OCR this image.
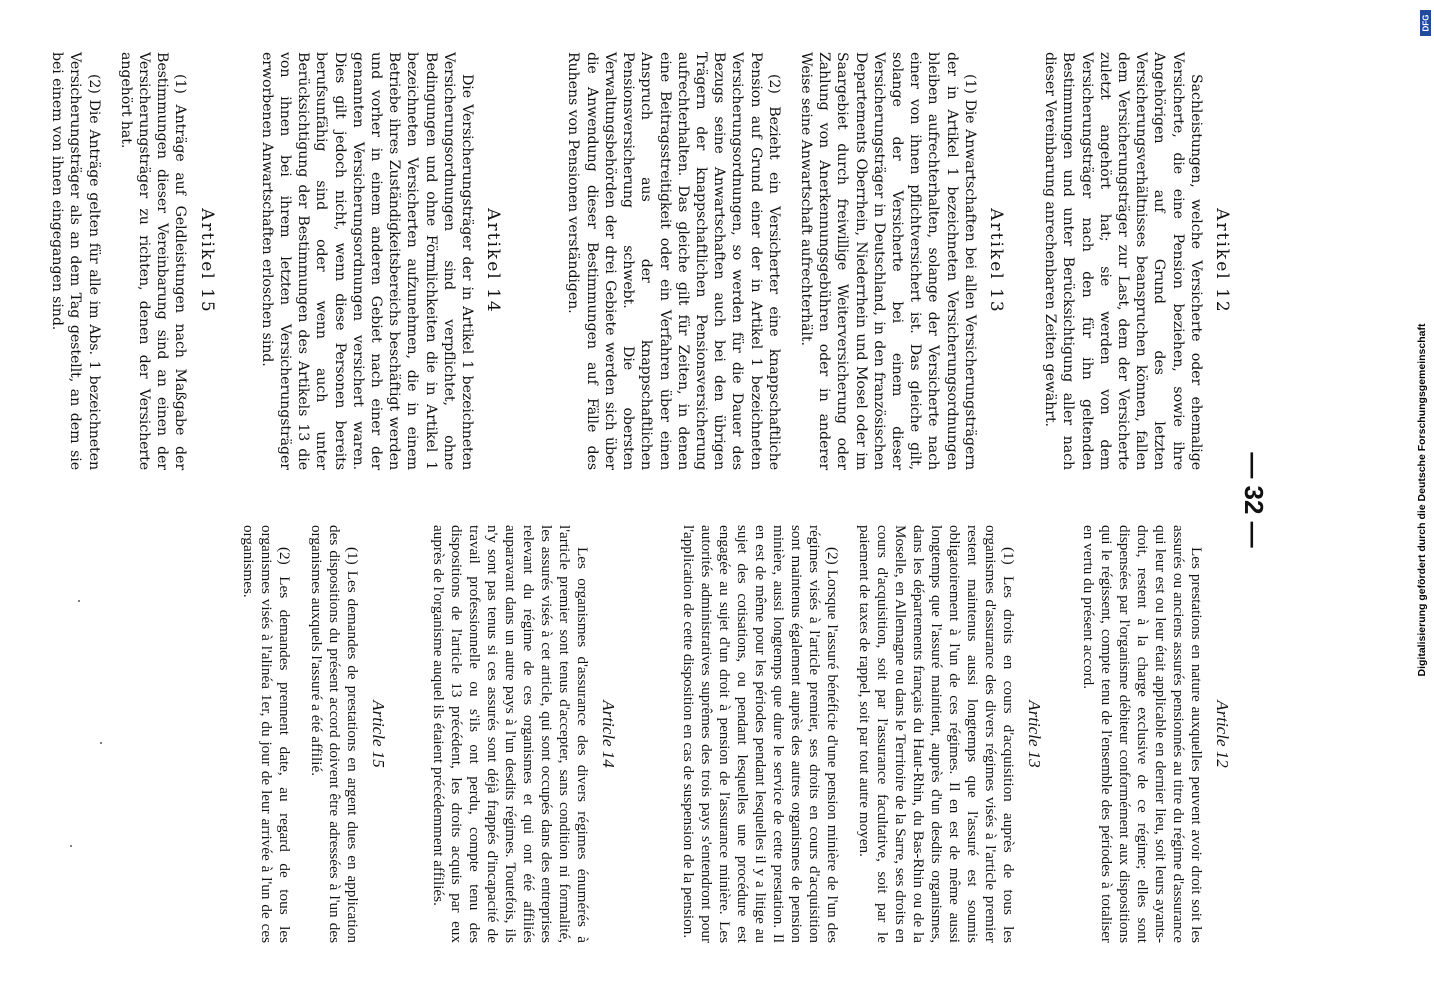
— 32 —
Artikel 12

Sachleistungen, welche Versicherte oder ehemalige Versicherte, die eine Pension beziehen, sowie ihre Angehörigen auf Grund des letzten Versicherungsverhältnisses beanspruchen können, fallen dem Versicherungsträger zur Last, dem der Versicherte zuletzt angehört hat; sie werden von dem Versicherungsträger nach den für ihn geltenden Bestimmungen und unter Berücksichtigung aller nach dieser Vereinbarung anrechenbaren Zeiten gewährt.

Artikel 13

(1) Die Anwartschaften bei allen Versicherungsträgern der in Artikel 1 bezeichneten Versicherungsordnungen bleiben aufrechterhalten, solange der Versicherte nach einer von ihnen pflichtversichert ist. Das gleiche gilt, solange der Versicherte bei einem dieser Versicherungsträger in Deutschland, in den französischen Departements Oberrhein, Niederrhein und Mosel oder im Saargebiet durch freiwillige Weiterversicherung oder Zahlung von Anerkennungsgebühren oder in anderer Weise seine Anwartschaft aufrechterhält.

(2) Bezieht ein Versicherter eine knappschaftliche Pension auf Grund einer der in Artikel 1 bezeichneten Versicherungsordnungen, so werden für die Dauer des Bezugs seine Anwartschaften auch bei den übrigen Trägern der knappschaftlichen Pensionsversicherung aufrechterhalten. Das gleiche gilt für Zeiten, in denen eine Beitragsstreitigkeit oder ein Verfahren über einen Anspruch aus der knappschaftlichen Pensionsversicherung schwebt. Die obersten Verwaltungsbehörden der drei Gebiete werden sich über die Anwendung dieser Bestimmungen auf Fälle des Ruhens von Pensionen verständigen.

Artikel 14

Die Versicherungsträger der in Artikel 1 bezeichneten Versicherungsordnungen sind verpflichtet, ohne Bedingungen und ohne Förmlichkeiten die in Artikel 1 bezeichneten Versicherten aufzunehmen, die in einem Betriebe ihres Zuständigkeitsbereichs beschäftigt werden und vorher in einem anderen Gebiet nach einer der genannten Versicherungsordnungen versichert waren. Dies gilt jedoch nicht, wenn diese Personen bereits berufsunfähig sind oder wenn auch unter Berücksichtigung der Bestimmungen des Artikels 13 die von ihnen bei ihrem letzten Versicherungsträger erworbenen Anwartschaften erloschen sind.

Artikel 15

(1) Anträge auf Geldleistungen nach Maßgabe der Bestimmungen dieser Vereinbarung sind an einen der Versicherungsträger zu richten, denen der Versicherte angehört hat.

(2) Die Anträge gelten für alle im Abs. 1 bezeichneten Versicherungsträger als an dem Tag gestellt, an dem sie bei einem von ihnen eingegangen sind.

Article 12

Les prestations en nature auxquelles peuvent avoir droit soit les assurés ou anciens assurés pensionnés au titre du régime d'assurance qui leur est ou leur était applicable en dernier lieu, soit leurs ayants-droit, restent à la charge exclusive de ce régime; elles sont dispensées par l'organisme débiteur conformément aux dispositions qui le régissent, compte tenu de l'ensemble des périodes à totaliser en vertu du présent accord.

Article 13

(1) Les droits en cours d'acquisition auprès de tous les organismes d'assurance des divers régimes visés à l'article premier restent maintenus aussi longtemps que l'assuré est soumis obligatoirement à l'un de ces régimes. Il en est de même aussi longtemps que l'assuré maintient, auprès d'un desdits organismes, dans les départements français du Haut-Rhin, du Bas-Rhin ou de la Moselle, en Allemagne ou dans le Territoire de la Sarre, ses droits en cours d'acquisition, soit par l'assurance facultative, soit par le paiement de taxes de rappel, soit par tout autre moyen.

(2) Lorsque l'assuré bénéficie d'une pension minière de l'un des régimes visés à l'article premier, ses droits en cours d'acquisition sont maintenus également auprès des autres organismes de pension minière, aussi longtemps que dure le service de cette prestation. Il en est de même pour les périodes pendant lesquelles il y a litige au sujet des cotisations, ou pendant lesquelles une procédure est engagée au sujet d'un droit à pension de l'assurance minière. Les autorités administratives suprêmes des trois pays s'entendront pour l'application de cette disposition en cas de suspension de la pension.

Article 14

Les organismes d'assurance des divers régimes énumérés à l'article premier sont tenus d'accepter, sans condition ni formalité, les assurés visés à cet article, qui sont occupés dans des entreprises relevant du régime de ces organismes et qui ont été affiliés auparavant dans un autre pays à l'un desdits régimes. Toutefois, ils n'y sont pas tenus si ces assurés sont déjà frappés d'incapacité de travail professionnelle ou s'ils ont perdu, compte tenu des dispositions de l'article 13 précédent, les droits acquis par eux auprès de l'organisme auquel ils étaient précédemment affiliés.

Article 15

(1) Les demandes de prestations en argent dues en application des dispositions du présent accord doivent être adressées à l'un des organismes auxquels l'assuré a été affilié.

(2) Les demandes prennent date, au regard de tous les organismes visés à l'alinéa 1er, du jour de leur arrivée à l'un de ces organismes.	Digitalisierung gefördert durch die Deutsche Forschungsgemeinschaft
DFG
